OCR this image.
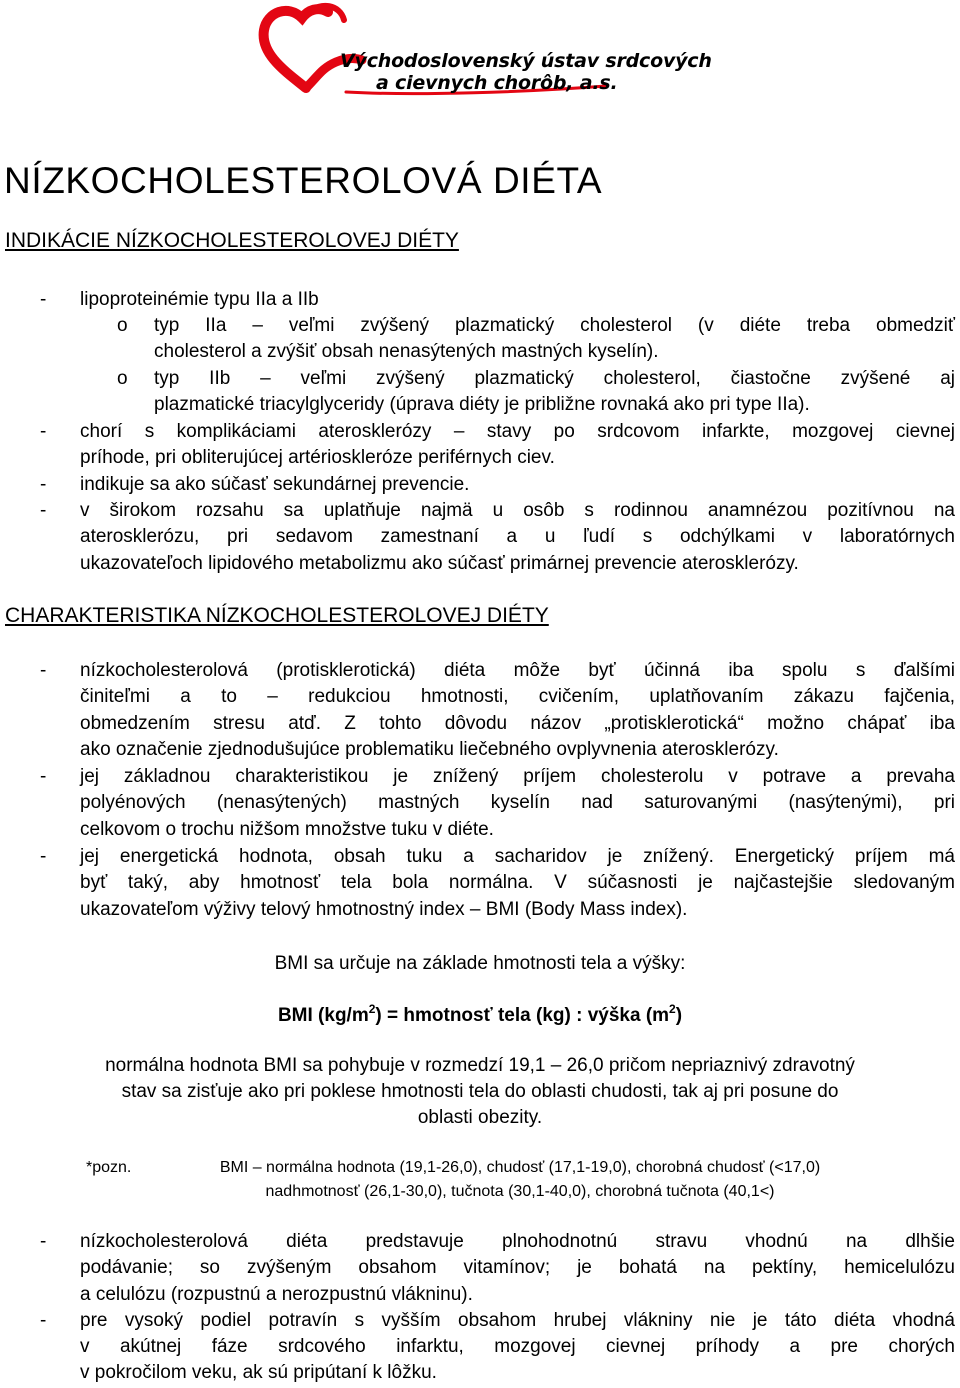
Východoslovenský ústav srdcových
a cievnych chorôb, a.s.
NÍZKOCHOLESTEROLOVÁ DIÉTA
INDIKÁCIE NÍZKOCHOLESTEROLOVEJ DIÉTY
- lipoproteinémie typu IIa a IIb

o typ IIa – veľmi zvýšený plazmatický cholesterol (v diéte treba obmedziť

cholesterol a zvýšiť obsah nenasýtených mastných kyselín).

o typ IIb – veľmi zvýšený plazmatický cholesterol, čiastočne zvýšené aj

plazmatické triacylglyceridy (úprava diéty je približne rovnaká ako pri type IIa).

- chorí s komplikáciami aterosklerózy – stavy po srdcovom infarkte, mozgovej cievnej

príhode, pri obliterujúcej artérioskleróze periférnych ciev.

- indikuje sa ako súčasť sekundárnej prevencie.

- v širokom rozsahu sa uplatňuje najmä u osôb s rodinnou anamnézou pozitívnou na

aterosklerózu, pri sedavom zamestnaní a u ľudí s odchýlkami v laboratórnych

ukazovateľoch lipidového metabolizmu ako súčasť primárnej prevencie aterosklerózy.

CHARAKTERISTIKA NÍZKOCHOLESTEROLOVEJ DIÉTY
- nízkocholesterolová (protisklerotická) diéta môže byť účinná iba spolu s ďalšími

činiteľmi a to – redukciou hmotnosti, cvičením, uplatňovaním zákazu fajčenia,

obmedzením stresu atď. Z tohto dôvodu názov „protisklerotická“ možno chápať iba

ako označenie zjednodušujúce problematiku liečebného ovplyvnenia aterosklerózy.

- jej základnou charakteristikou je znížený príjem cholesterolu v potrave a prevaha

polyénových (nenasýtených) mastných kyselín nad saturovanými (nasýtenými), pri

celkovom o trochu nižšom množstve tuku v diéte.

- jej energetická hodnota, obsah tuku a sacharidov je znížený. Energetický príjem má

byť taký, aby hmotnosť tela bola normálna. V súčasnosti je najčastejšie sledovaným

ukazovateľom výživy telový hmotnostný index – BMI (Body Mass index).

BMI sa určuje na základe hmotnosti tela a výšky:

BMI $(kg/m^2)$ = hmotnosť tela (kg) : výška $(m^2)$

normálna hodnota BMI sa pohybuje v rozmedzí 19,1 – 26,0 pričom nepriaznivý zdravotný

stav sa zisťuje ako pri poklese hmotnosti tela do oblasti chudosti, tak aj pri posune do

oblasti obezity.

*pozn.	BMI – normálna hodnota (19,1-26,0), chudosť (17,1-19,0), chorobná chudosť (<17,0)

nadhmotnosť (26,1-30,0), tučnota (30,1-40,0), chorobná tučnota (40,1<)

- nízkocholesterolová diéta predstavuje plnohodnotnú stravu vhodnú na dlhšie

podávanie; so zvýšeným obsahom vitamínov; je bohatá na pektíny, hemicelulózu

a celulózu (rozpustnú a nerozpustnú vlákninu).

- pre vysoký podiel potravín s vyšším obsahom hrubej vlákniny nie je táto diéta vhodná

v akútnej fáze srdcového infarktu, mozgovej cievnej príhody a pre chorých

v pokročilom veku, ak sú pripútaní k lôžku.
